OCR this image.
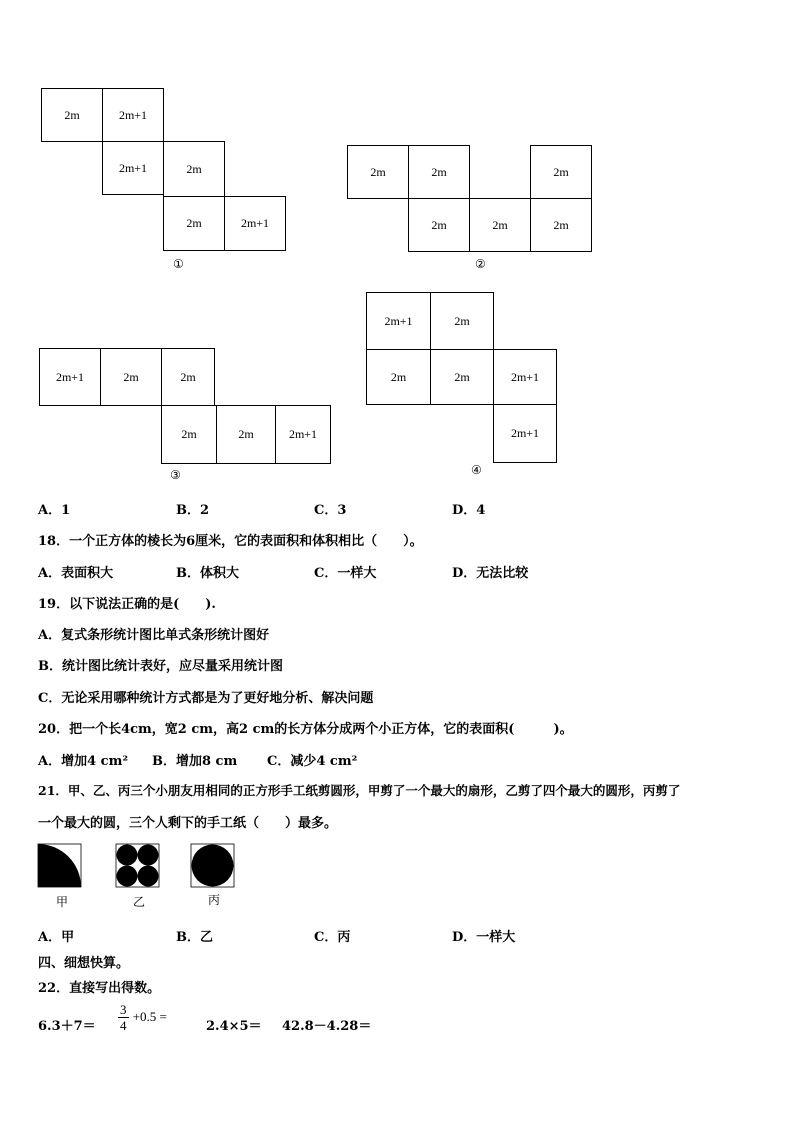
2m	2m+1
2m+1	2m
2m	2m+1
①
2m	2m	2m
2m	2m	2m
②
2m+1	2m	2m
2m	2m	2m+1
③
2m+1	2m
2m	2m	2m+1
2m+1
④
A．1	B．2	C．3	D．4
18．一个正方体的棱长为6厘米，它的表面积和体积相比（　　）。
A．表面积大	B．体积大	C．一样大	D．无法比较
19．以下说法正确的是(　　).
A．复式条形统计图比单式条形统计图好
B．统计图比统计表好，应尽量采用统计图
C．无论采用哪种统计方式都是为了更好地分析、解决问题
20．把一个长4cm，宽2 cm，高2 cm的长方体分成两个小正方体，它的表面积(　　　)。
A．增加4 cm² B．增加8 cm C．减少4 cm²
21．甲、乙、丙三个小朋友用相同的正方形手工纸剪圆形，甲剪了一个最大的扇形，乙剪了四个最大的圆形，丙剪了
一个最大的圆，三个人剩下的手工纸（　　）最多。
甲	乙	丙
A．甲	B．乙	C．丙	D．一样大
四、细想快算。
22．直接写出得数。
$6.3+7= \frac{3}{4} +0.5$ =
2.4×5＝ 42.8－4.28＝
